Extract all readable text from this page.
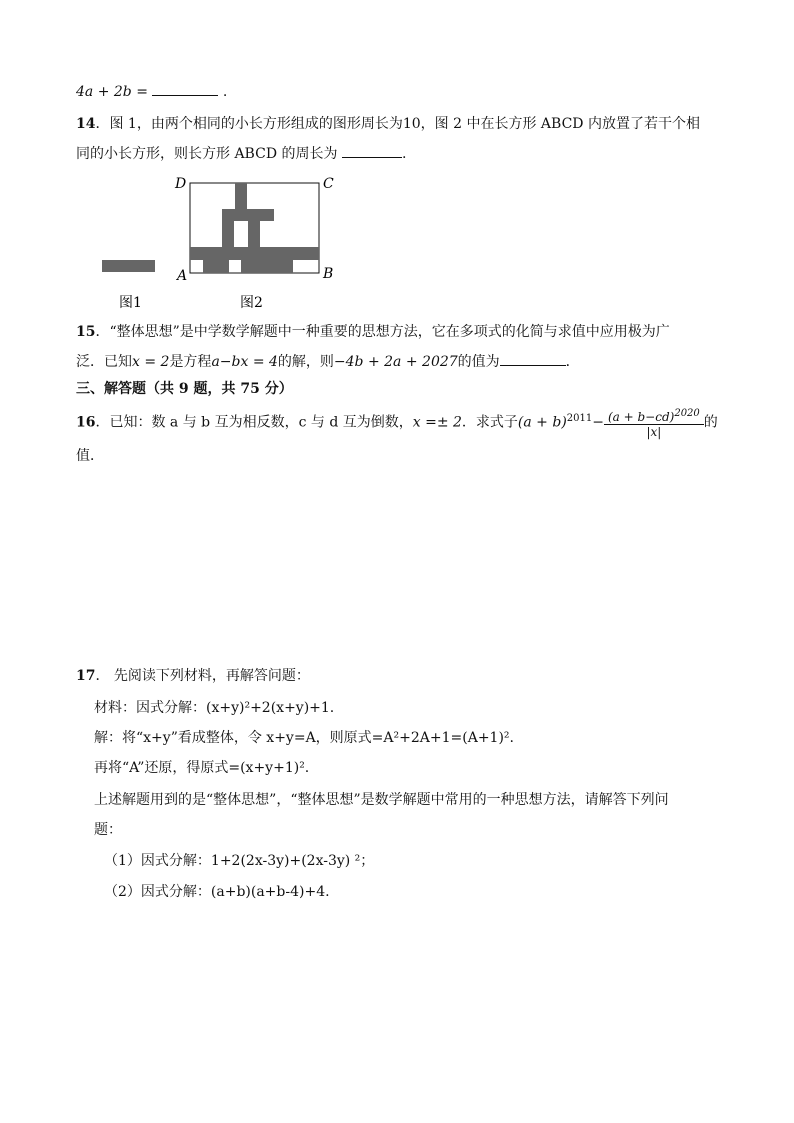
4a + 2b =	.
14．图 1，由两个相同的小长方形组成的图形周长为10，图 2 中在长方形 ABCD 内放置了若干个相
同的小长方形，则长方形 ABCD 的周长为	.
D	C
A	B
图1	图2
15．“整体思想”是中学数学解题中一种重要的思想方法，它在多项式的化简与求值中应用极为广
泛．已知x = 2是方程a−bx = 4的解，则−4b + 2a + 2027的值为	．
三、解答题（共 9 题，共 75 分）
16．已知：数 a 与 b 互为相反数，c 与 d 互为倒数，x =± 2．求式子$(a + b)^{2011}- \frac{(a + b-cd)^{2020}}{|x|}$ 的
值．
17． 先阅读下列材料，再解答问题：
材料：因式分解：(x+y)²+2(x+y)+1.
解：将“x+y”看成整体，令 x+y=A，则原式=A²+2A+1=(A+1)².
再将“A”还原，得原式=(x+y+1)².
上述解题用到的是“整体思想”，“整体思想”是数学解题中常用的一种思想方法，请解答下列问
题：
（1）因式分解：1+2(2x-3y)+(2x-3y) ²；
（2）因式分解：(a+b)(a+b-4)+4.
